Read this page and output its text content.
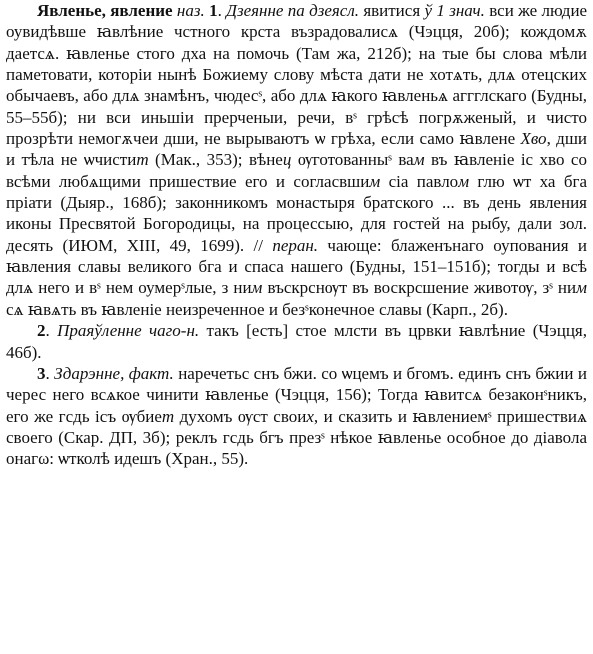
Явленье, явление наз. 1. Дзеянне па дзеясл. явитися ў 1 знач. вси же людие оувидѣвше ꙗвлѣние чстного крста възрадовалисѧ (Чэцця, 20б); кождомѫ даетсѧ. ꙗвленье стого дха на помочь (Там жа, 212б); на тые бы слова мѣли паметовати, которіи нынѣ Божиему слову мѣста дати не хотѧть, длѧ отецских обычаевъ, або длѧ знамѣнъ, чюдесˢ, або длѧ ꙗкого ꙗвленьѧ аггглскаго (Будны, 55–55б); ни вси иньшіи прерченыи, речи, вˢ грѣсѣ погрѫженый, и чисто прозрѣти немогѫчеи дши, не вырываютъ ѡ грѣха, если само ꙗвлене Хво, дши и тѣла не ѡчистит (Мак., 353); вѣнец ѹготованныˢ вам въ ꙗвленіе іс хво со всѣми любѧщими пришествие его и согласвшим сіа павлом глю ѡт ха бга пріати (Дыяр., 168б); законникомъ монастыря братского ... въ день явления иконы Пресвятой Богородицы, на процессыю, для гостей на рыбу, дали зол. десять (ИЮМ, XIII, 49, 1699). // перан. чающе: блаженънаго оупования и ꙗвления славы великого бга и спаса нашего (Будны, 151–151б); тогды и всѣ длѧ него и вˢ нем оумерˢлые, з ним въскрснѹт въ воскрсшение животѹ, зˢ ним сѧ ꙗвѧть въ ꙗвленіе неизреченное и безˢконечное славы (Карп., 2б).

2. Праяўленне чаго-н. такъ [есть] стое млсти въ црвки ꙗвлѣние (Чэцця, 46б).

3. Здарэнне, факт. наречетьс снъ бжи. со ѡцемъ и бгомъ. единъ снъ бжии и черес него всѧкое чинити ꙗвленье (Чэцця, 156); Тогда ꙗвитсѧ безаконˢникъ, его же гсдь ісъ ѹбиет духомъ ѹст своих, и сказить и ꙗвлениемˢ пришествиѧ своего (Скар. ДП, 3б); реклъ гсдь бгъ презˢ нѣкое ꙗвленье особное до діавола онагω: ѡтколѣ идешъ (Хран., 55).
